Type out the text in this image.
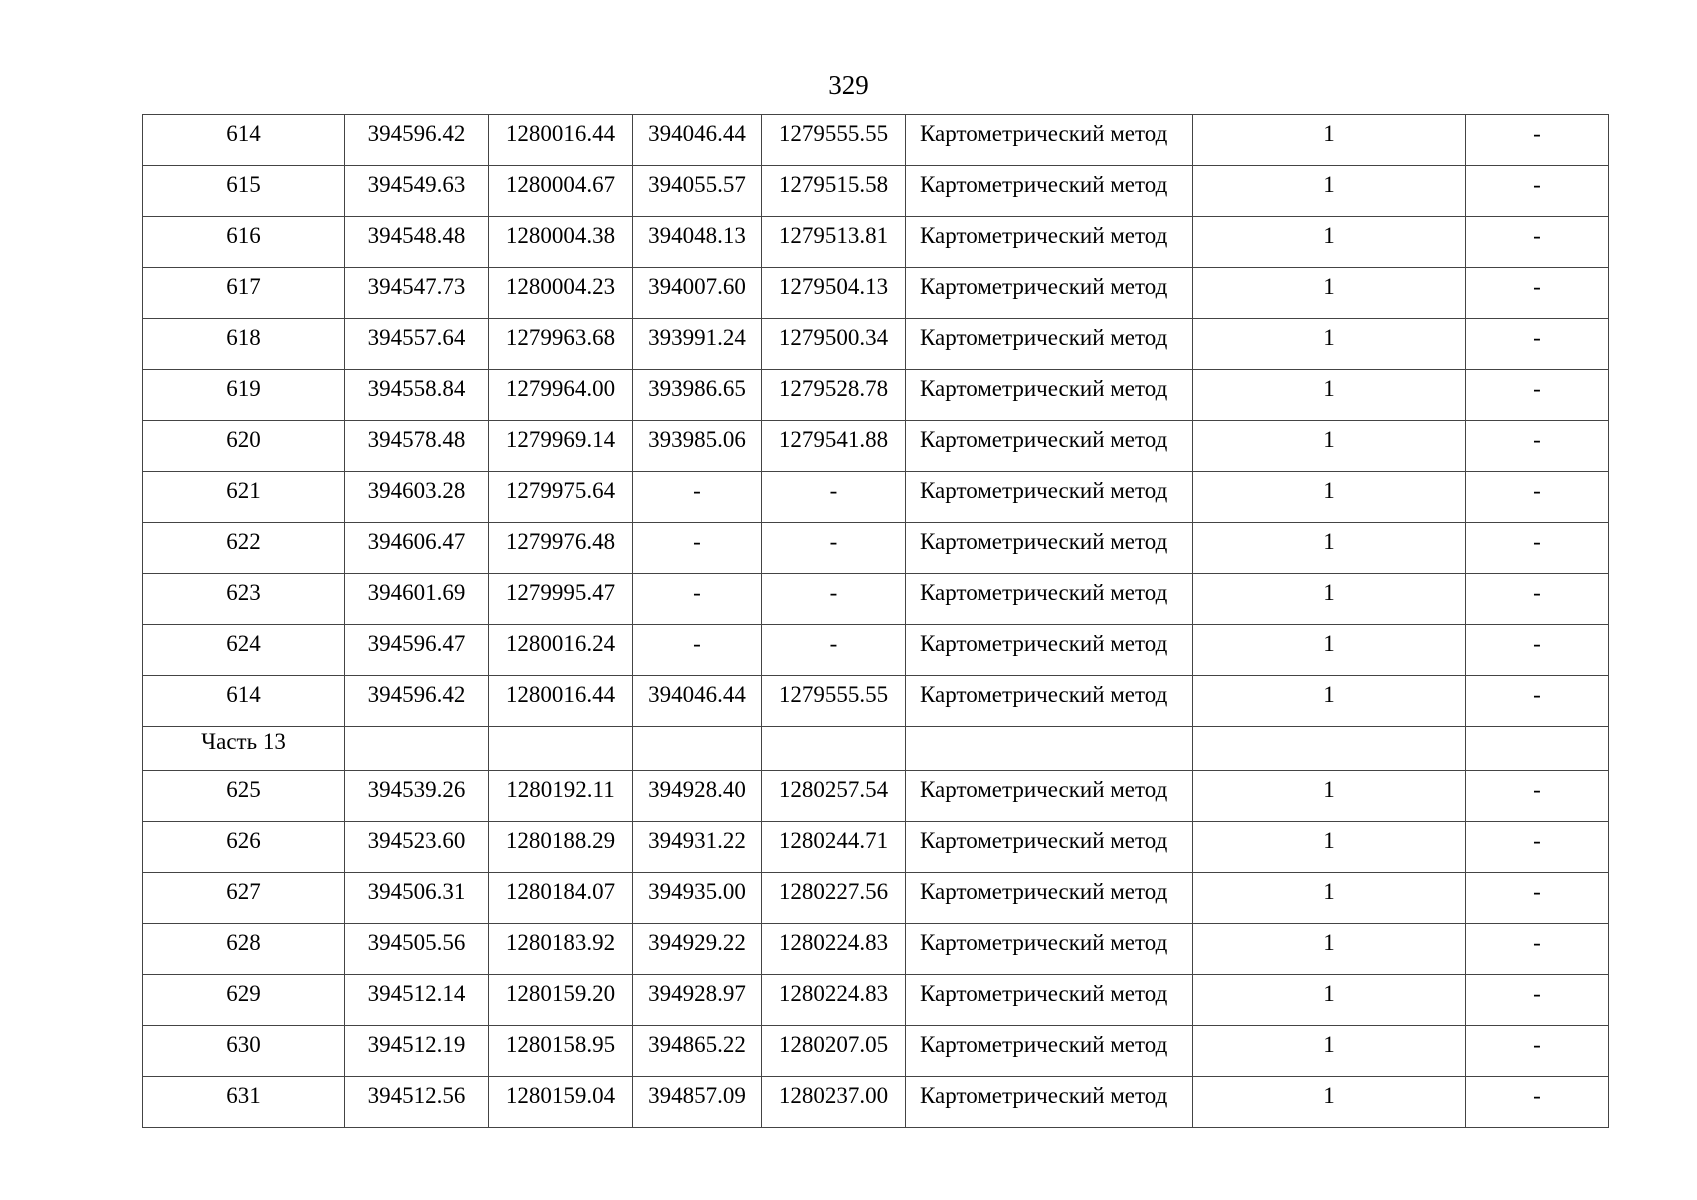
329
614	394596.42	1280016.44	394046.44	1279555.55	Картометрический метод	1	-
615	394549.63	1280004.67	394055.57	1279515.58	Картометрический метод	1	-
616	394548.48	1280004.38	394048.13	1279513.81	Картометрический метод	1	-
617	394547.73	1280004.23	394007.60	1279504.13	Картометрический метод	1	-
618	394557.64	1279963.68	393991.24	1279500.34	Картометрический метод	1	-
619	394558.84	1279964.00	393986.65	1279528.78	Картометрический метод	1	-
620	394578.48	1279969.14	393985.06	1279541.88	Картометрический метод	1	-
621	394603.28	1279975.64	-	-	Картометрический метод	1	-
622	394606.47	1279976.48	-	-	Картометрический метод	1	-
623	394601.69	1279995.47	-	-	Картометрический метод	1	-
624	394596.47	1280016.24	-	-	Картометрический метод	1	-
614	394596.42	1280016.44	394046.44	1279555.55	Картометрический метод	1	-
Часть 13							
625	394539.26	1280192.11	394928.40	1280257.54	Картометрический метод	1	-
626	394523.60	1280188.29	394931.22	1280244.71	Картометрический метод	1	-
627	394506.31	1280184.07	394935.00	1280227.56	Картометрический метод	1	-
628	394505.56	1280183.92	394929.22	1280224.83	Картометрический метод	1	-
629	394512.14	1280159.20	394928.97	1280224.83	Картометрический метод	1	-
630	394512.19	1280158.95	394865.22	1280207.05	Картометрический метод	1	-
631	394512.56	1280159.04	394857.09	1280237.00	Картометрический метод	1	-
